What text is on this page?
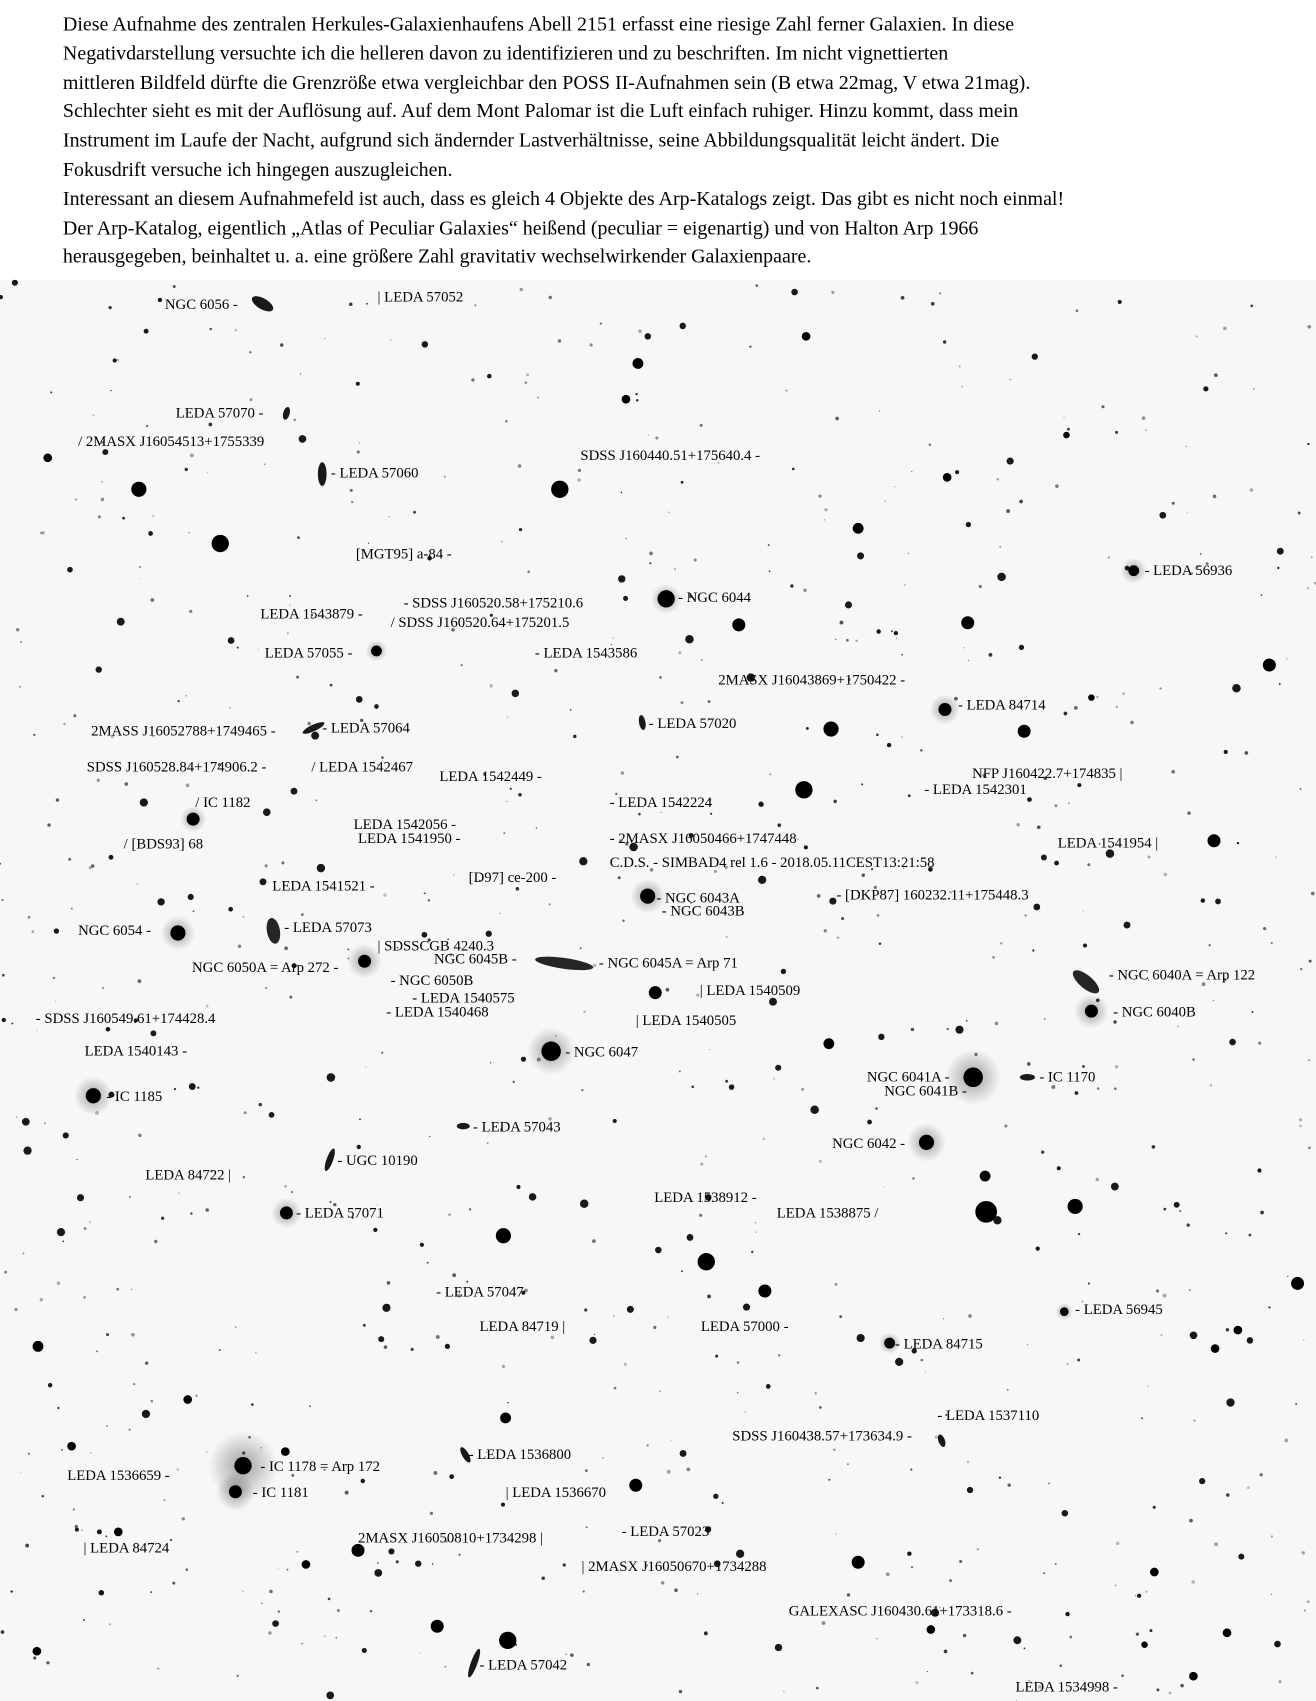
Diese Aufnahme des zentralen Herkules-Galaxienhaufens Abell 2151 erfasst eine riesige Zahl ferner Galaxien. In diese
Negativdarstellung versuchte ich die helleren davon zu identifizieren und zu beschriften. Im nicht vignettierten
mittleren Bildfeld dürfte die Grenzröße etwa vergleichbar den POSS II-Aufnahmen sein (B etwa 22mag, V etwa 21mag).
Schlechter sieht es mit der Auflösung auf. Auf dem Mont Palomar ist die Luft einfach ruhiger. Hinzu kommt, dass mein
Instrument im Laufe der Nacht, aufgrund sich ändernder Lastverhältnisse, seine Abbildungsqualität leicht ändert. Die
Fokusdrift versuche ich hingegen auszugleichen.
Interessant an diesem Aufnahmefeld ist auch, dass es gleich 4 Objekte des Arp-Katalogs zeigt. Das gibt es nicht noch einmal!
Der Arp-Katalog, eigentlich „Atlas of Peculiar Galaxies“ heißend (peculiar = eigenartig) und von Halton Arp 1966
herausgegeben, beinhaltet u. a. eine größere Zahl gravitativ wechselwirkender Galaxienpaare.
NGC 6056 -	| LEDA 57052
LEDA 57070 -
/ 2MASX J16054513+1755339
- LEDA 57060
SDSS J160440.51+175640.4 -
[MGT95] a-84 -
- LEDA 56936
- SDSS J160520.58+175210.6	- NGC 6044
LEDA 1543879 -
/ SDSS J160520.64+175201.5
LEDA 57055 -	- LEDA 1543586
2MASX J16043869+1750422 -
- LEDA 84714
2MASS J16052788+1749465 -	- LEDA 57064	- LEDA 57020
SDSS J160528.84+174906.2 -	/ LEDA 1542467
LEDA 1542449 -	NFP J160422.7+174835 |
- LEDA 1542301
/ IC 1182	- LEDA 1542224
LEDA 1542056 -
LEDA 1541950 -	- 2MASX J16050466+1747448
/ [BDS93] 68	LEDA 1541954 |
C.D.S. - SIMBAD4 rel 1.6 - 2018.05.11CEST13:21:58
[D97] ce-200 -
LEDA 1541521 -
- [DKP87] 160232.11+175448.3
- NGC 6043A
- NGC 6043B
NGC 6054 -	- LEDA 57073
| SDSSCGB 4240.3
NGC 6045B -	- NGC 6045A = Arp 71
NGC 6050A = Arp 272 -
- NGC 6050B	- NGC 6040A = Arp 122
- LEDA 1540575	| LEDA 1540509
- LEDA 1540468	- NGC 6040B
- SDSS J160549.61+174428.4	| LEDA 1540505
LEDA 1540143 -	- NGC 6047
NGC 6041A -	- IC 1170
NGC 6041B -
- IC 1185
- LEDA 57043
NGC 6042 -
- UGC 10190
LEDA 84722 |
LEDA 1538912 -
- LEDA 57071	LEDA 1538875 /
- LEDA 57047
- LEDA 56945
LEDA 84719 |	LEDA 57000 -
- LEDA 84715
- LEDA 1537110
SDSS J160438.57+173634.9 -
- LEDA 1536800
LEDA 1536659 -
- IC 1178 = Arp 172
- IC 1181	| LEDA 1536670
- LEDA 57023
2MASX J16050810+1734298 |
| LEDA 84724
| 2MASX J16050670+1734288
GALEXASC J160430.61+173318.6 -
- LEDA 57042
LEDA 1534998 -
